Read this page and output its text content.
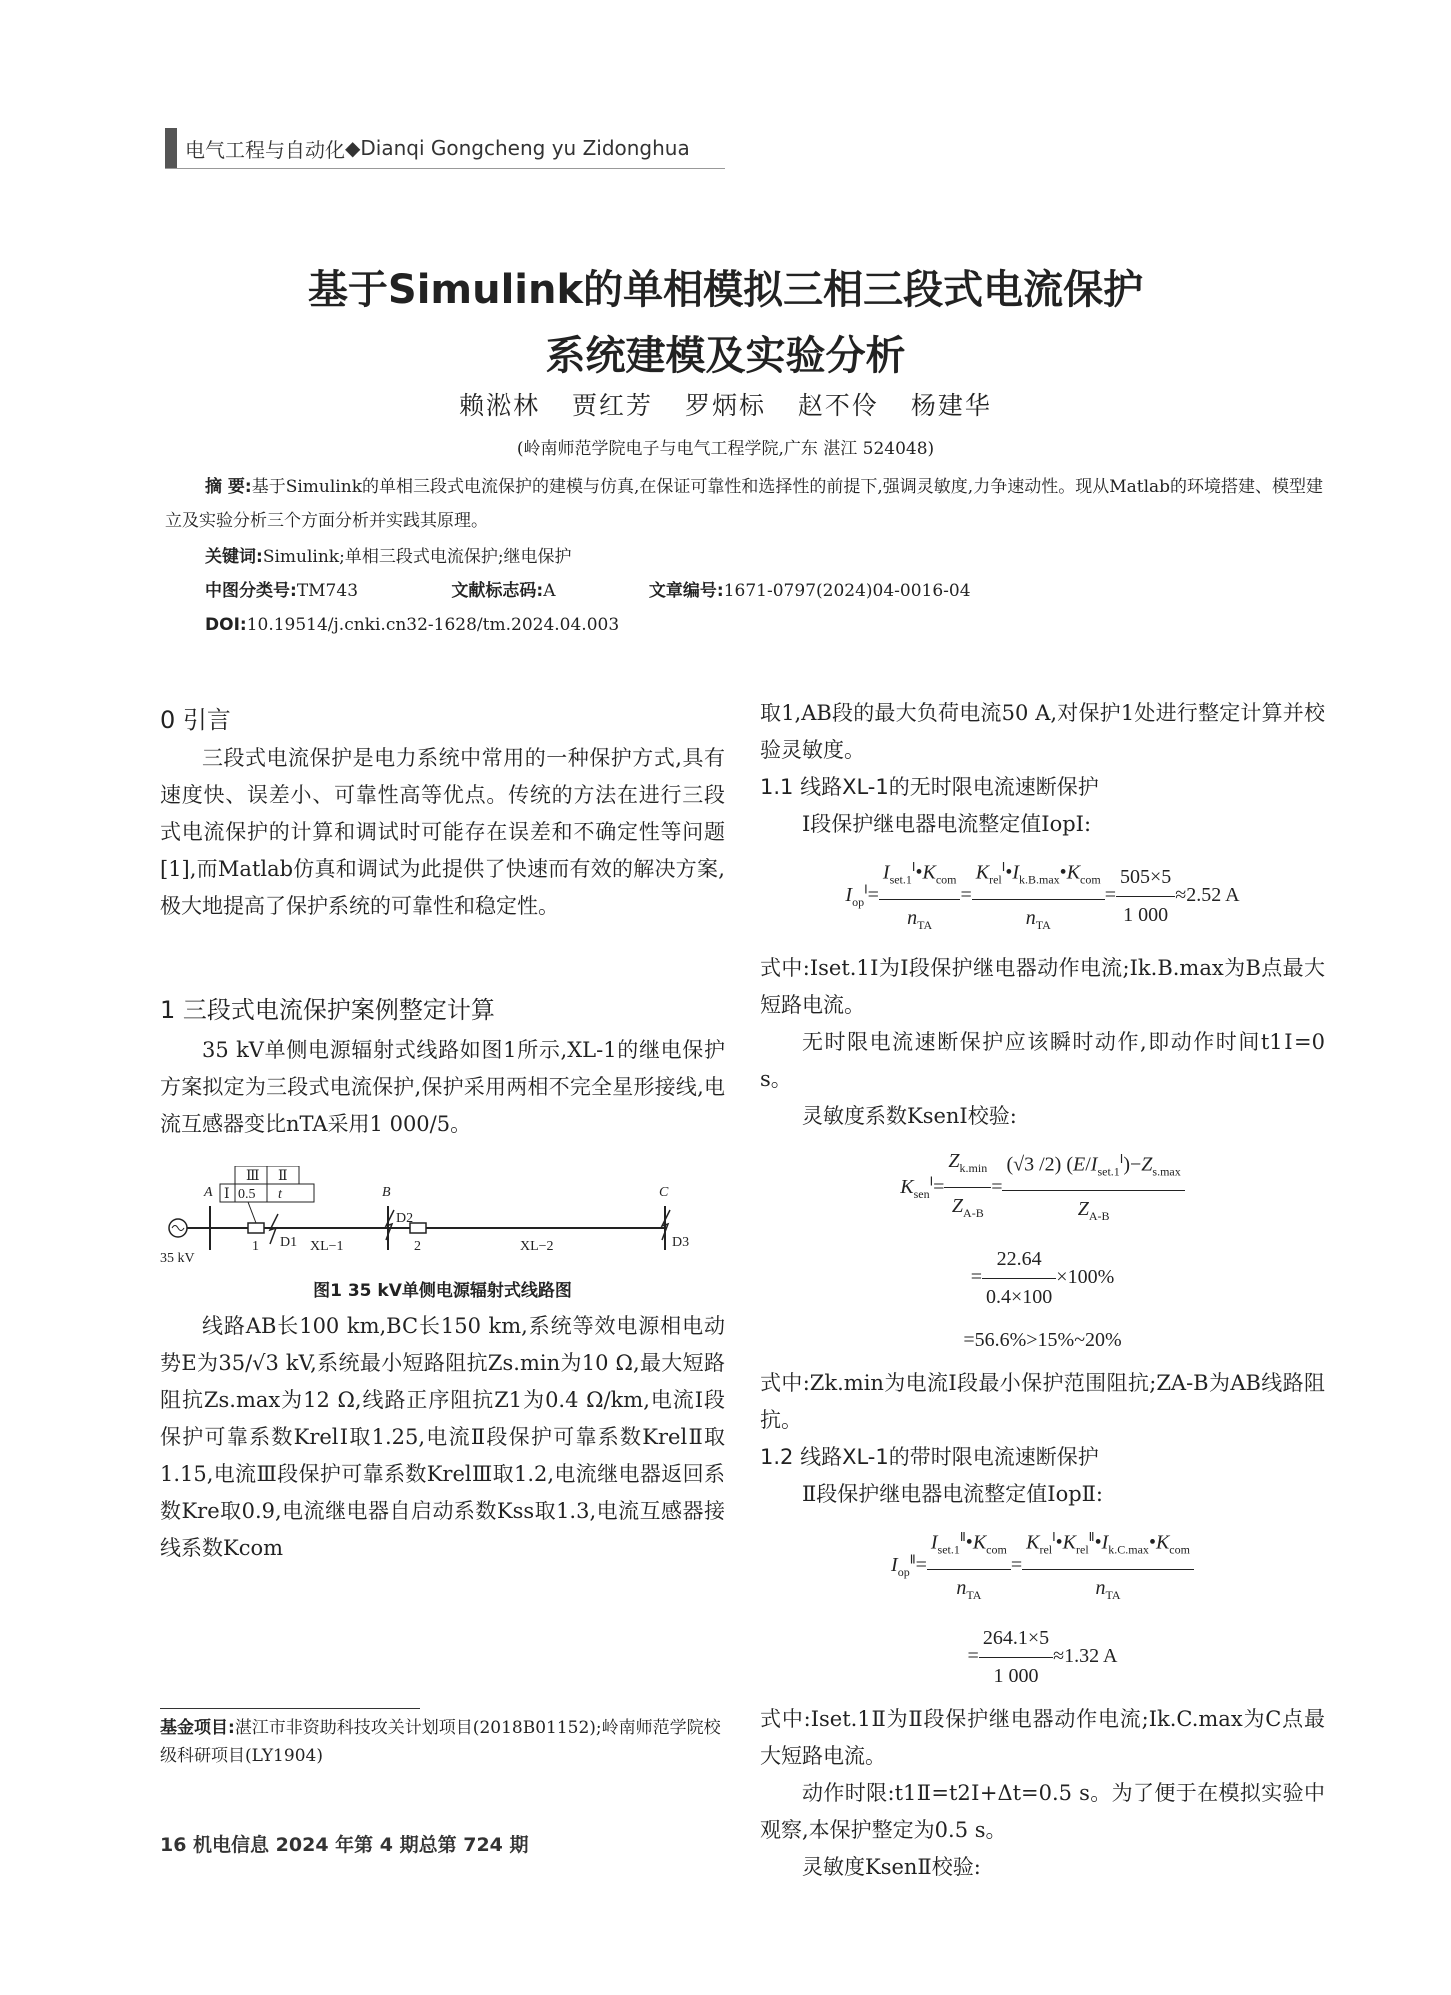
电气工程与自动化 ◆ Dianqi Gongcheng yu Zidonghua
基于Simulink的单相模拟三相三段式电流保护
系统建模及实验分析
赖淞林 贾红芳 罗炳标 赵不伶 杨建华
(岭南师范学院电子与电气工程学院,广东 湛江 524048)
摘 要:基于Simulink的单相三段式电流保护的建模与仿真,在保证可靠性和选择性的前提下,强调灵敏度,力争速动性。现从Matlab的环境搭建、模型建立及实验分析三个方面分析并实践其原理。
关键词:Simulink;单相三段式电流保护;继电保护
中图分类号:TM743	文献标志码:A	文章编号:1671-0797(2024)04-0016-04
DOI:10.19514/j.cnki.cn32-1628/tm.2024.04.003
0 引言

三段式电流保护是电力系统中常用的一种保护方式,具有速度快、误差小、可靠性高等优点。传统的方法在进行三段式电流保护的计算和调试时可能存在误差和不确定性等问题[1],而Matlab仿真和调试为此提供了快速而有效的解决方案,极大地提高了保护系统的可靠性和稳定性。

1 三段式电流保护案例整定计算

35 kV单侧电源辐射式线路如图1所示,XL-1的继电保护方案拟定为三段式电流保护,保护采用两相不完全星形接线,电流互感器变比nTA采用1 000/5。

Ⅲ Ⅱ
Ⅰ 0.5 t
A	B	C
35 kV
1	2
D1
D2
D3
XL−1	XL−2
图1 35 kV单侧电源辐射式线路图

线路AB长100 km,BC长150 km,系统等效电源相电动势E为35/√3 kV,系统最小短路阻抗Zs.min为10 Ω,最大短路阻抗Zs.max为12 Ω,线路正序阻抗Z1为0.4 Ω/km,电流Ⅰ段保护可靠系数KrelⅠ取1.25,电流Ⅱ段保护可靠系数KrelⅡ取1.15,电流Ⅲ段保护可靠系数KrelⅢ取1.2,电流继电器返回系数Kre取0.9,电流继电器自启动系数Kss取1.3,电流互感器接线系数Kcom

取1,AB段的最大负荷电流50 A,对保护1处进行整定计算并校验灵敏度。
1.1 线路XL-1的无时限电流速断保护

Ⅰ段保护继电器电流整定值IopⅠ:

$I_{op}^Ⅰ= \frac{I_{set.1}^Ⅰ•K_{com}}{n_{TA}} = \frac{K_{rel}^Ⅰ•I_{k.B.max}•K_{com}}{n_{TA}} = \frac{505\times 5}{1 000} \approx 2.52$ A
式中:Iset.1Ⅰ为Ⅰ段保护继电器动作电流;Ik.B.max为B点最大短路电流。

无时限电流速断保护应该瞬时动作,即动作时间t1Ⅰ=0 s。

灵敏度系数KsenⅠ校验:

$K_{sen}^Ⅰ= \frac{Z_{k.min}}{Z_{A-B}} = \frac{(√3 /2) (E/I_{set.1}^Ⅰ)-Z_{s.max}}{Z_{A-B}}$
= $\frac{22.64}{0.4\times 100} \times 100\%$
=56.6%>15%~20%
式中:Zk.min为电流Ⅰ段最小保护范围阻抗;ZA-B为AB线路阻抗。
1.2 线路XL-1的带时限电流速断保护

Ⅱ段保护继电器电流整定值IopⅡ:

$I_{op}^Ⅱ= \frac{I_{set.1}^Ⅱ•K_{com}}{n_{TA}} = \frac{K_{rel}^Ⅰ•K_{rel}^Ⅱ•I_{k.C.max}•K_{com}}{n_{TA}}$
= $\frac{264.1\times 5}{1 000} \approx 1.32$ A
式中:Iset.1Ⅱ为Ⅱ段保护继电器动作电流;Ik.C.max为C点最大短路电流。

动作时限:t1Ⅱ=t2Ⅰ+Δt=0.5 s。为了便于在模拟实验中观察,本保护整定为0.5 s。

灵敏度KsenⅡ校验:

基金项目:湛江市非资助科技攻关计划项目(2018B01152);岭南师范学院校级科研项目(LY1904)
16 机电信息 2024 年第 4 期总第 724 期
